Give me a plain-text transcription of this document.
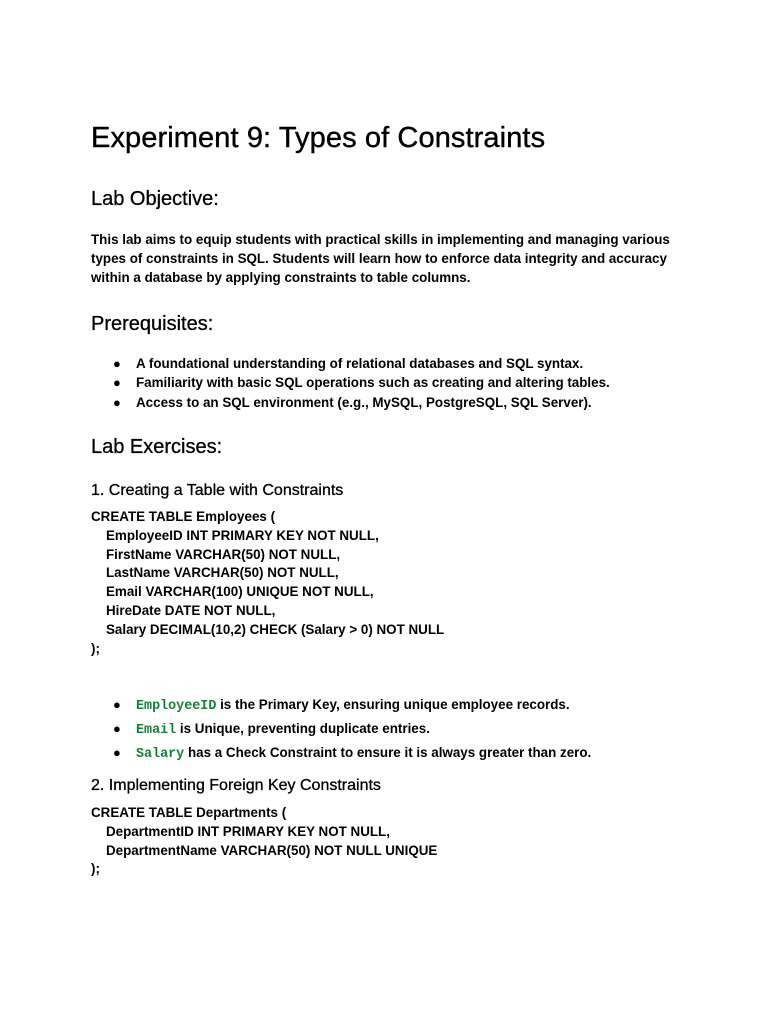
Experiment 9: Types of Constraints
Lab Objective:

This lab aims to equip students with practical skills in implementing and managing various types of constraints in SQL. Students will learn how to enforce data integrity and accuracy within a database by applying constraints to table columns.

Prerequisites:
● A foundational understanding of relational databases and SQL syntax.
● Familiarity with basic SQL operations such as creating and altering tables.
● Access to an SQL environment (e.g., MySQL, PostgreSQL, SQL Server).
Lab Exercises:
1. Creating a Table with Constraints
CREATE TABLE Employees (
EmployeeID INT PRIMARY KEY NOT NULL,
FirstName VARCHAR(50) NOT NULL,
LastName VARCHAR(50) NOT NULL,
Email VARCHAR(100) UNIQUE NOT NULL,
HireDate DATE NOT NULL,
Salary DECIMAL(10,2) CHECK (Salary > 0) NOT NULL
);
● EmployeeID is the Primary Key, ensuring unique employee records.
● Email is Unique, preventing duplicate entries.
● Salary has a Check Constraint to ensure it is always greater than zero.
2. Implementing Foreign Key Constraints
CREATE TABLE Departments (
DepartmentID INT PRIMARY KEY NOT NULL,
DepartmentName VARCHAR(50) NOT NULL UNIQUE
);
